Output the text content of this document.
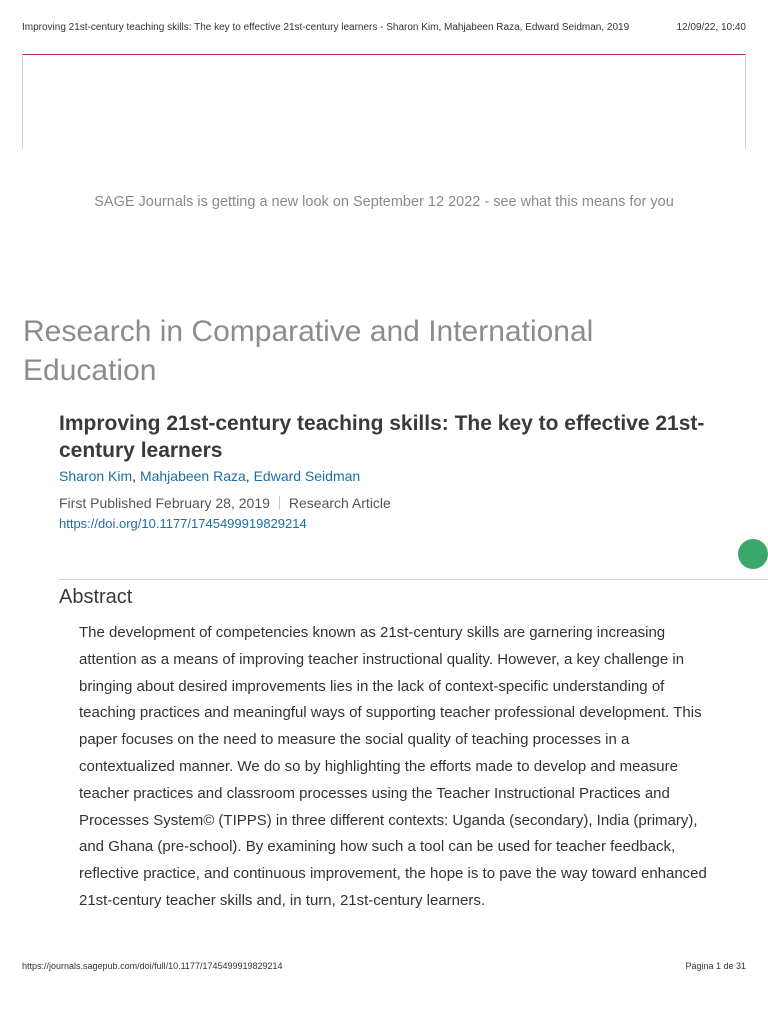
Improving 21st-century teaching skills: The key to effective 21st-century learners - Sharon Kim, Mahjabeen Raza, Edward Seidman, 2019	12/09/22, 10:40
SAGE Journals is getting a new look on September 12 2022 - see what this means for you
Research in Comparative and International
Education
Improving 21st-century teaching skills: The key to effective 21st-
century learners
Sharon Kim, Mahjabeen Raza, Edward Seidman
First Published February 28, 2019 Research Article
https://doi.org/10.1177/1745499919829214
Abstract
The development of competencies known as 21st-century skills are garnering increasing
attention as a means of improving teacher instructional quality. However, a key challenge in
bringing about desired improvements lies in the lack of context-specific understanding of
teaching practices and meaningful ways of supporting teacher professional development. This
paper focuses on the need to measure the social quality of teaching processes in a
contextualized manner. We do so by highlighting the efforts made to develop and measure
teacher practices and classroom processes using the Teacher Instructional Practices and
Processes System© (TIPPS) in three different contexts: Uganda (secondary), India (primary),
and Ghana (pre-school). By examining how such a tool can be used for teacher feedback,
reflective practice, and continuous improvement, the hope is to pave the way toward enhanced
21st-century teacher skills and, in turn, 21st-century learners.
https://journals.sagepub.com/doi/full/10.1177/1745499919829214	Página 1 de 31
